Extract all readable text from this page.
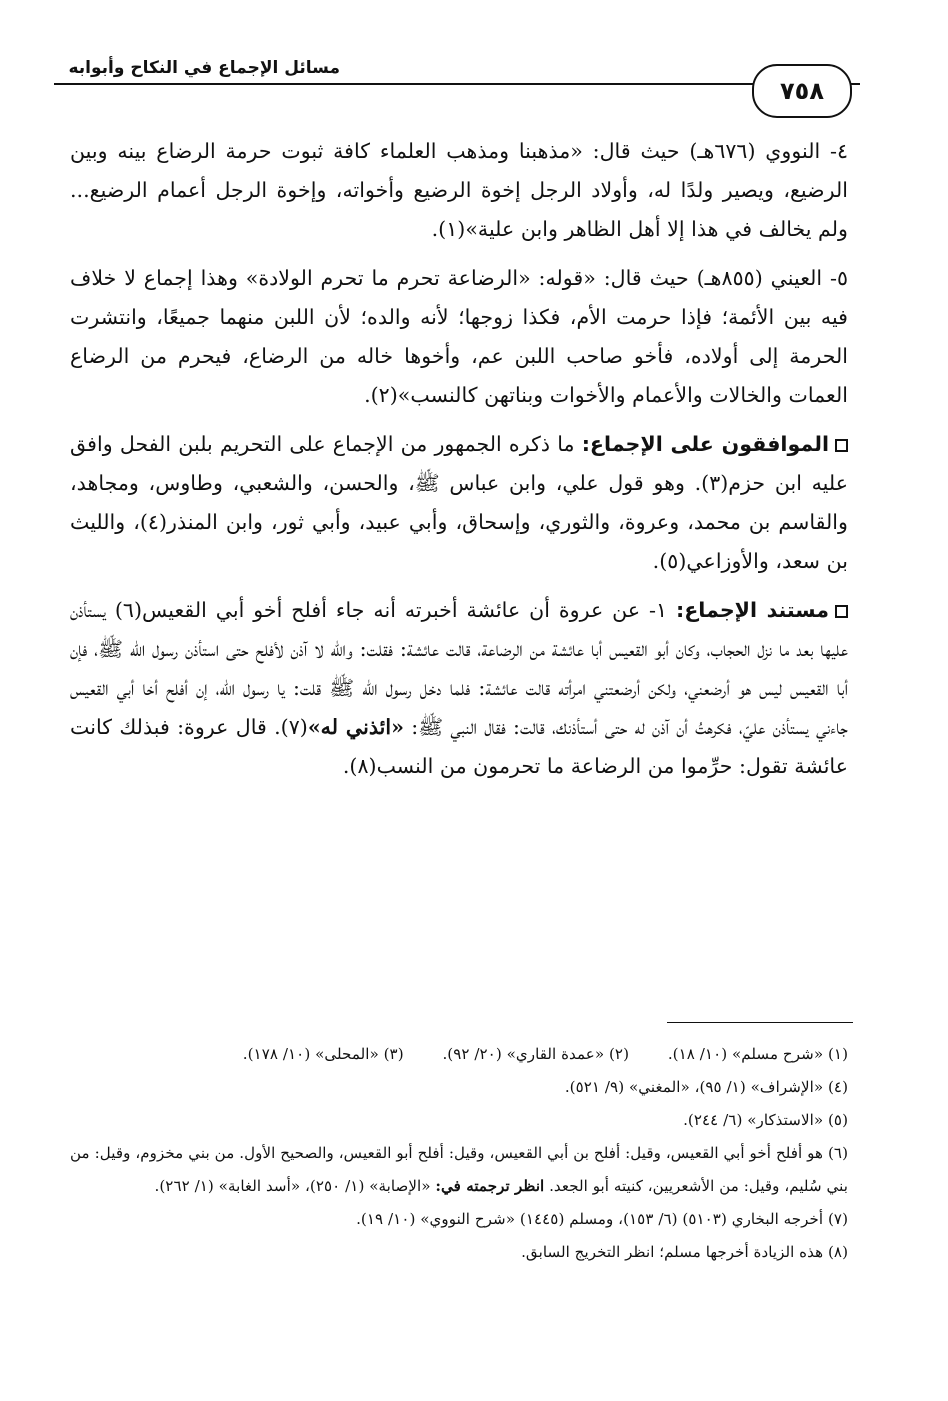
مسائل الإجماع في النكاح وأبوابه
٧٥٨

٤- النووي (٦٧٦هـ) حيث قال: «مذهبنا ومذهب العلماء كافة ثبوت حرمة الرضاع بينه وبين الرضيع، ويصير ولدًا له، وأولاد الرجل إخوة الرضيع وأخواته، وإخوة الرجل أعمام الرضيع... ولم يخالف في هذا إلا أهل الظاهر وابن علية»(١).

٥- العيني (٨٥٥هـ) حيث قال: «قوله: «الرضاعة تحرم ما تحرم الولادة» وهذا إجماع لا خلاف فيه بين الأئمة؛ فإذا حرمت الأم، فكذا زوجها؛ لأنه والده؛ لأن اللبن منهما جميعًا، وانتشرت الحرمة إلى أولاده، فأخو صاحب اللبن عم، وأخوها خاله من الرضاع، فيحرم من الرضاع العمات والخالات والأعمام والأخوات وبناتهن كالنسب»(٢).

الموافقون على الإجماع: ما ذكره الجمهور من الإجماع على التحريم بلبن الفحل وافق عليه ابن حزم(٣). وهو قول علي، وابن عباس ﷺ، والحسن، والشعبي، وطاوس، ومجاهد، والقاسم بن محمد، وعروة، والثوري، وإسحاق، وأبي عبيد، وأبي ثور، وابن المنذر(٤)، والليث بن سعد، والأوزاعي(٥).

مستند الإجماع: ١- عن عروة أن عائشة أخبرته أنه جاء أفلح أخو أبي القعيس(٦) يستأذن عليها بعد ما نزل الحجاب، وكان أبو القعيس أبا عائشة من الرضاعة، قالت عائشة: فقلت: والله لا آذن لأفلح حتى استأذن رسول الله ﷺ، فإن أبا القعيس ليس هو أرضعني، ولكن أرضعتني امرأته قالت عائشة: فلما دخل رسول الله ﷺ قلت: يا رسول الله، إن أفلح أخا أبي القعيس جاءني يستأذن عليّ، فكرهتُ أن آذن له حتى أستأذنك، قالت: فقال النبي ﷺ: «ائذني له»(٧). قال عروة: فبذلك كانت عائشة تقول: حرِّموا من الرضاعة ما تحرمون من النسب(٨).

(١) «شرح مسلم» (١٠/ ١٨). (٢) «عمدة القاري» (٢٠/ ٩٢). (٣) «المحلى» (١٠/ ١٧٨).
(٤) «الإشراف» (١/ ٩٥)، «المغني» (٩/ ٥٢١).
(٥) «الاستذكار» (٦/ ٢٤٤).
(٦) هو أفلح أخو أبي القعيس، وقيل: أفلح بن أبي القعيس، وقيل: أفلح أبو القعيس، والصحيح الأول. من بني مخزوم، وقيل: من بني سُليم، وقيل: من الأشعريين، كنيته أبو الجعد. انظر ترجمته في: «الإصابة» (١/ ٢٥٠)، «أسد الغابة» (١/ ٢٦٢).
(٧) أخرجه البخاري (٥١٠٣) (٦/ ١٥٣)، ومسلم (١٤٤٥) «شرح النووي» (١٠/ ١٩).
(٨) هذه الزيادة أخرجها مسلم؛ انظر التخريج السابق.
